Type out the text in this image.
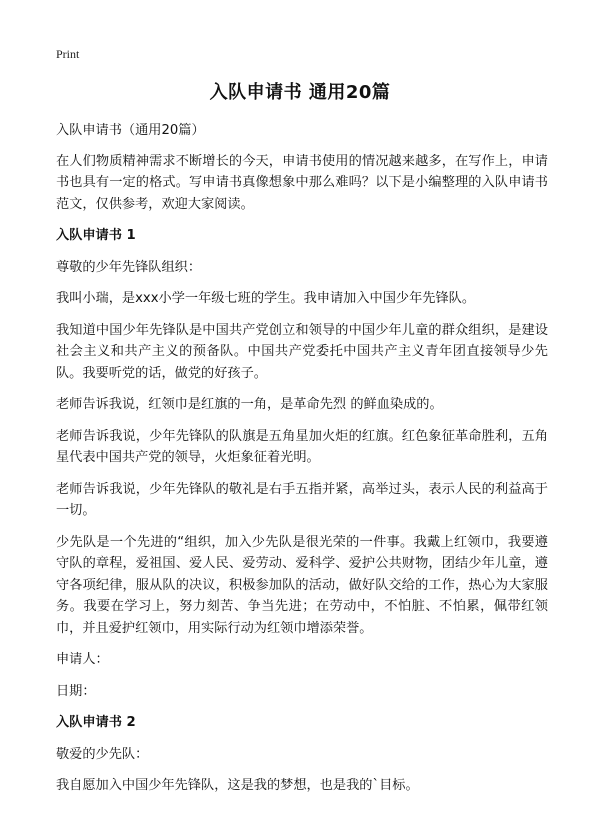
Print
入队申请书 通用20篇

入队申请书（通用20篇）

在人们物质精神需求不断增长的今天，申请书使用的情况越来越多，在写作上，申请书也具有一定的格式。写申请书真像想象中那么难吗？以下是小编整理的入队申请书范文，仅供参考，欢迎大家阅读。

入队申请书 1

尊敬的少年先锋队组织：

我叫小瑞，是xxx小学一年级七班的学生。我申请加入中国少年先锋队。

我知道中国少年先锋队是中国共产党创立和领导的中国少年儿童的群众组织，是建设社会主义和共产主义的预备队。中国共产党委托中国共产主义青年团直接领导少先队。我要听党的话，做党的好孩子。

老师告诉我说，红领巾是红旗的一角，是革命先烈 的鲜血染成的。

老师告诉我说，少年先锋队的队旗是五角星加火炬的红旗。红色象征革命胜利，五角星代表中国共产党的领导，火炬象征着光明。

老师告诉我说，少年先锋队的敬礼是右手五指并紧，高举过头，表示人民的利益高于一切。

少先队是一个先进的“组织，加入少先队是很光荣的一件事。我戴上红领巾，我要遵守队的章程，爱祖国、爱人民、爱劳动、爱科学、爱护公共财物，团结少年儿童，遵守各项纪律，服从队的决议，积极参加队的活动，做好队交给的工作，热心为大家服务。我要在学习上，努力刻苦、争当先进；在劳动中，不怕脏、不怕累，佩带红领巾，并且爱护红领巾，用实际行动为红领巾增添荣誉。

申请人：

日期：

入队申请书 2

敬爱的少先队：

我自愿加入中国少年先锋队，这是我的梦想，也是我的`目标。
